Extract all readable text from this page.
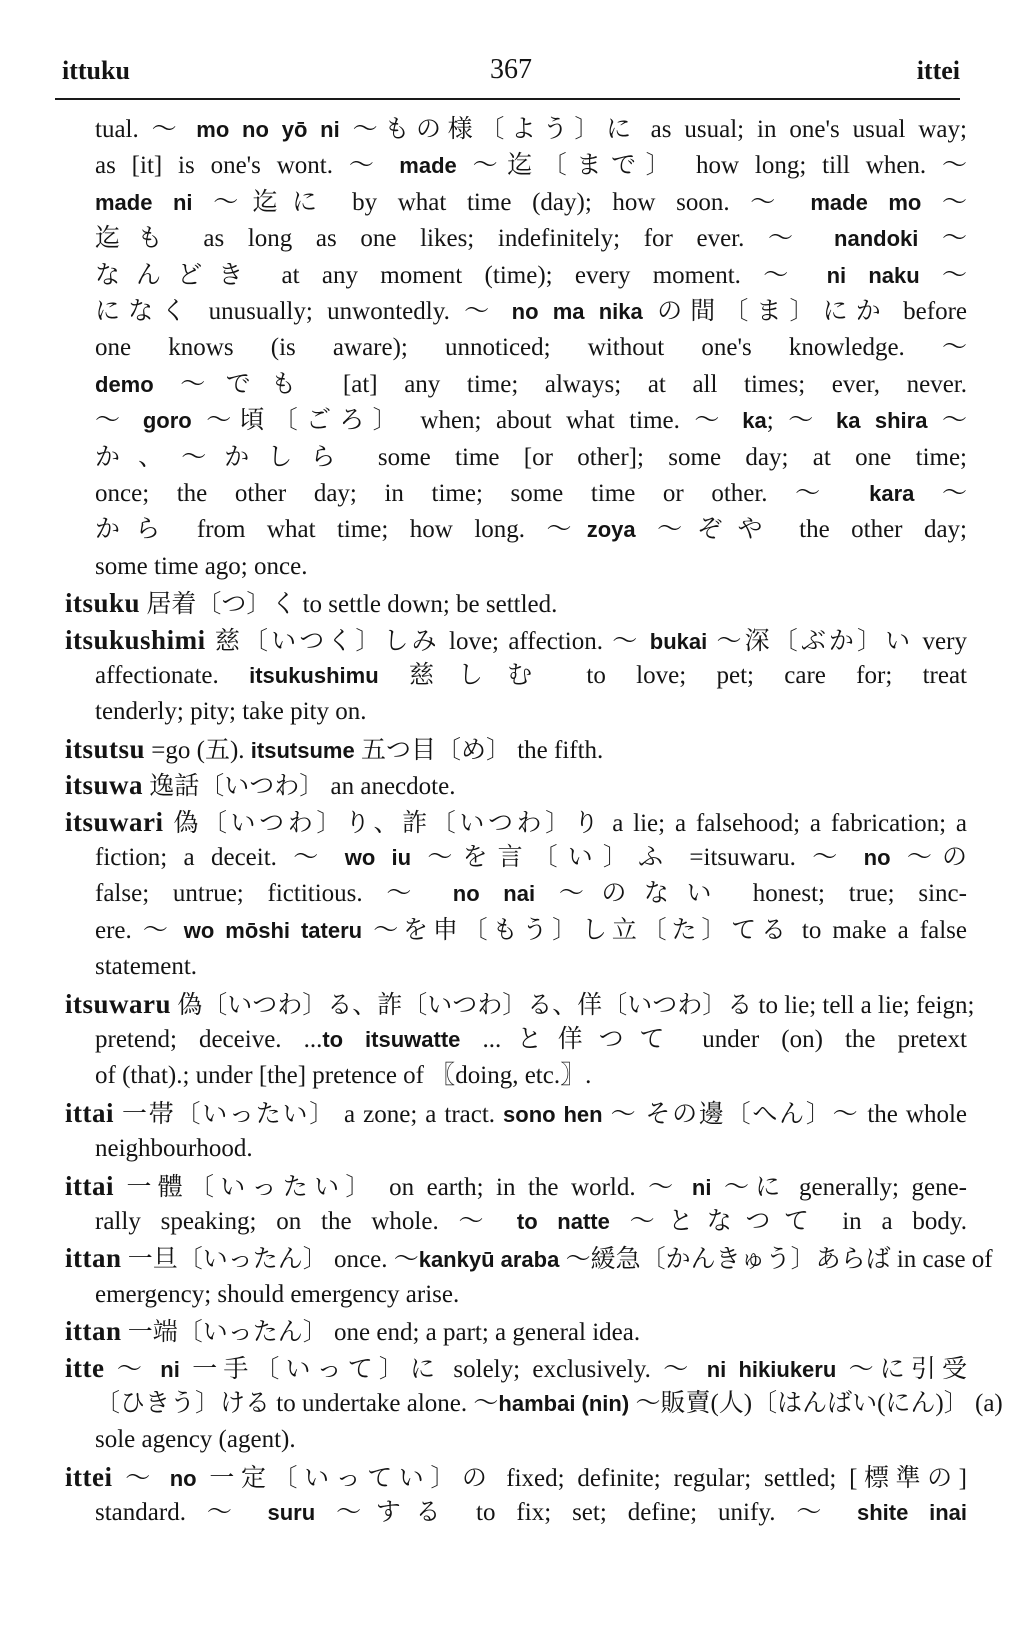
ittuku	367	ittei
tual. ～ mo no yō ni ～もの様〔よう〕に as usual; in one's usual way;
as [it] is one's wont. ～ made ～迄〔まで〕 how long; till when. ～
made ni ～迄に by what time (day); how soon. ～ made mo ～
迄も as long as one likes; indefinitely; for ever. ～ nandoki ～
なんどき at any moment (time); every moment. ～ ni naku ～
になく unusually; unwontedly. ～ no ma nika の間〔ま〕にか before
one knows (is aware); unnoticed; without one's knowledge. ～
demo ～でも [at] any time; always; at all times; ever, never.
～ goro ～頃〔ごろ〕 when; about what time. ～ ka; ～ ka shira ～
か、～かしら some time [or other]; some day; at one time;
once; the other day; in time; some time or other. ～ kara ～
から from what time; how long. ～zoya ～ぞや the other day;
some time ago; once.
itsuku 居着〔つ〕く to settle down; be settled.
itsukushimi 慈〔いつく〕しみ love; affection. ～ bukai ～深〔ぶか〕い very
affectionate. itsukushimu 慈しむ to love; pet; care for; treat
tenderly; pity; take pity on.
itsutsu =go (五). itsutsume 五つ目〔め〕 the fifth.
itsuwa 逸話〔いつわ〕 an anecdote.
itsuwari 偽〔いつわ〕り、詐〔いつわ〕り a lie; a falsehood; a fabrication; a
fiction; a deceit. ～ wo iu ～を言〔い〕ふ =itsuwaru. ～ no ～の
false; untrue; fictitious. ～ no nai ～のない honest; true; sinc-
ere. ～ wo mōshi tateru ～を申〔もう〕し立〔た〕てる to make a false
statement.
itsuwaru 偽〔いつわ〕る、詐〔いつわ〕る、佯〔いつわ〕る to lie; tell a lie; feign;
pretend; deceive. ...to itsuwatte ...と佯つて under (on) the pretext
of (that).; under [the] pretence of 〖doing, etc.〗.
ittai 一帯〔いったい〕 a zone; a tract. sono hen ～ その邊〔へん〕～ the whole
neighbourhood.
ittai 一體〔いったい〕 on earth; in the world. ～ ni ～に generally; gene-
rally speaking; on the whole. ～ to natte ～となつて in a body.
ittan 一旦〔いったん〕 once. ～kankyū araba ～緩急〔かんきゅう〕あらば in case of
emergency; should emergency arise.
ittan 一端〔いったん〕 one end; a part; a general idea.
itte ～ ni 一手〔いって〕に solely; exclusively. ～ ni hikiukeru ～に引受
〔ひきう〕ける to undertake alone. ～hambai (nin) ～販賣(人)〔はんばい(にん)〕 (a)
sole agency (agent).
ittei ～ no 一定〔いってい〕の fixed; definite; regular; settled; [標準の]
standard. ～ suru ～する to fix; set; define; unify. ～ shite inai
